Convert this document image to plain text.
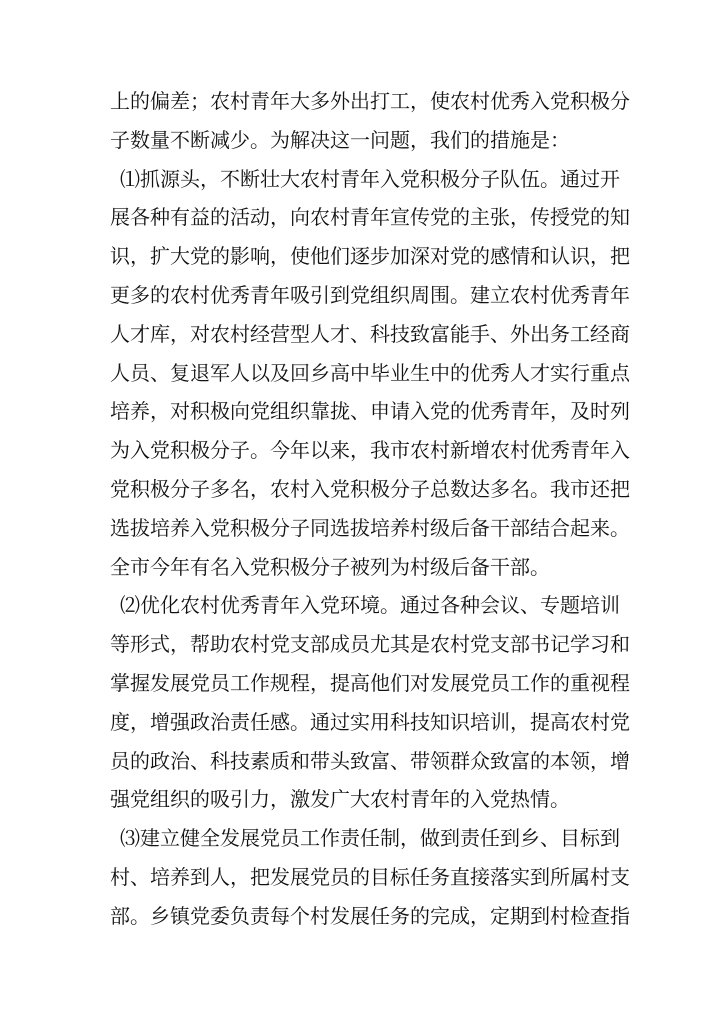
上的偏差；农村青年大多外出打工，使农村优秀入党积极分
子数量不断减少。为解决这一问题，我们的措施是：
⑴抓源头，不断壮大农村青年入党积极分子队伍。通过开
展各种有益的活动，向农村青年宣传党的主张，传授党的知
识，扩大党的影响，使他们逐步加深对党的感情和认识，把
更多的农村优秀青年吸引到党组织周围。建立农村优秀青年
人才库，对农村经营型人才、科技致富能手、外出务工经商
人员、复退军人以及回乡高中毕业生中的优秀人才实行重点
培养，对积极向党组织靠拢、申请入党的优秀青年，及时列
为入党积极分子。今年以来，我市农村新增农村优秀青年入
党积极分子多名，农村入党积极分子总数达多名。我市还把
选拔培养入党积极分子同选拔培养村级后备干部结合起来。
全市今年有名入党积极分子被列为村级后备干部。
⑵优化农村优秀青年入党环境。通过各种会议、专题培训
等形式，帮助农村党支部成员尤其是农村党支部书记学习和
掌握发展党员工作规程，提高他们对发展党员工作的重视程
度，增强政治责任感。通过实用科技知识培训，提高农村党
员的政治、科技素质和带头致富、带领群众致富的本领，增
强党组织的吸引力，激发广大农村青年的入党热情。
⑶建立健全发展党员工作责任制，做到责任到乡、目标到
村、培养到人，把发展党员的目标任务直接落实到所属村支
部。乡镇党委负责每个村发展任务的完成，定期到村检查指
